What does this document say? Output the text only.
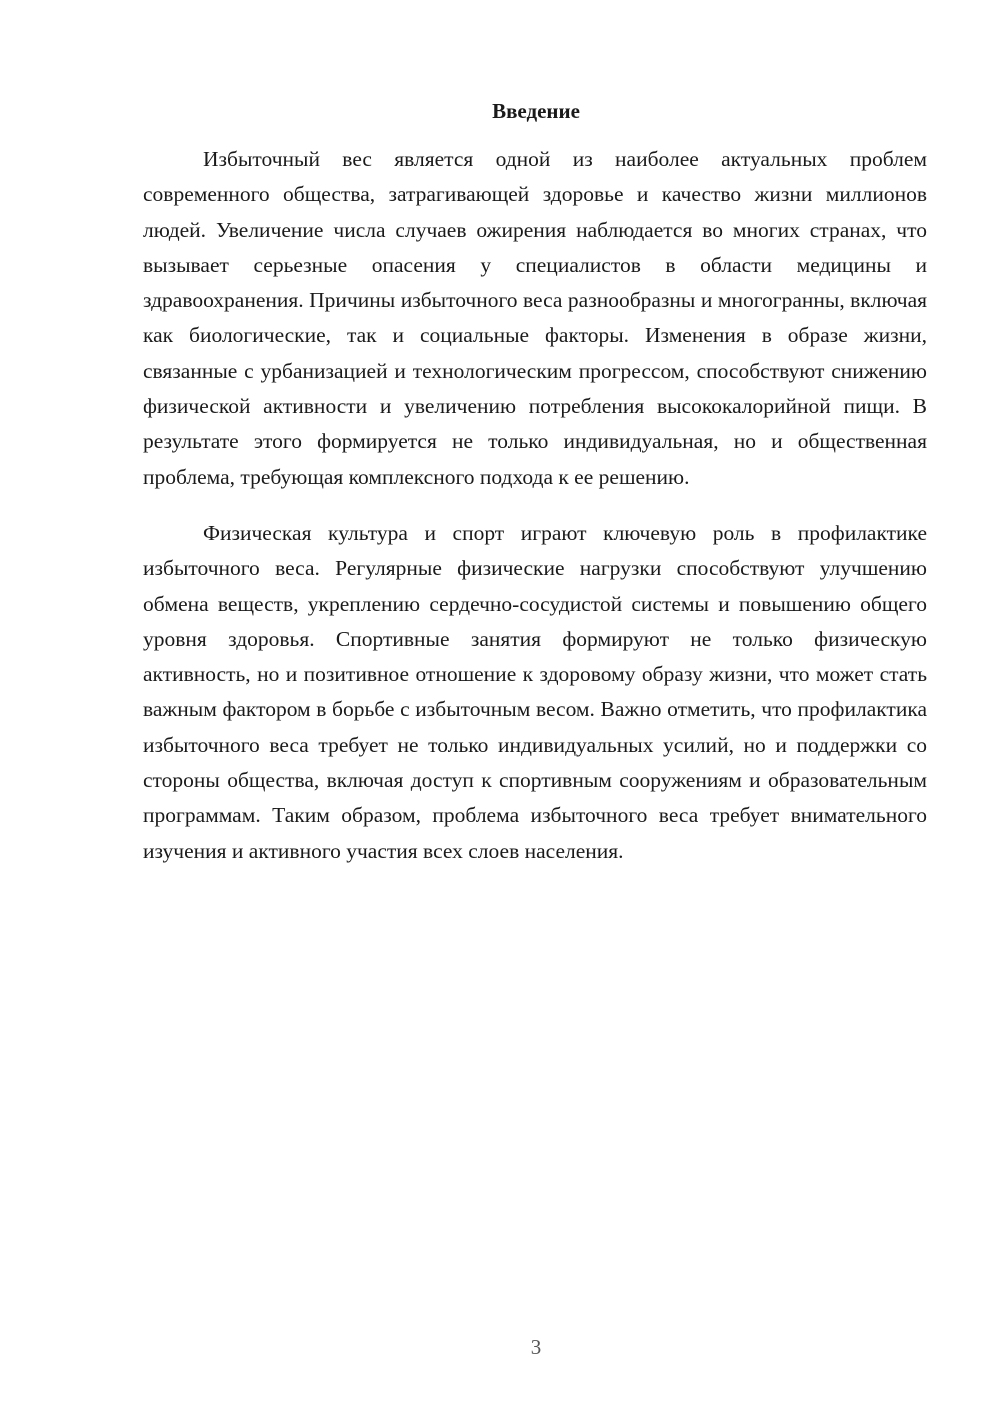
Введение

Избыточный вес является одной из наиболее актуальных проблем современного общества, затрагивающей здоровье и качество жизни миллионов людей. Увеличение числа случаев ожирения наблюдается во многих странах, что вызывает серьезные опасения у специалистов в области медицины и здравоохранения. Причины избыточного веса разнообразны и многогранны, включая как биологические, так и социальные факторы. Изменения в образе жизни, связанные с урбанизацией и технологическим прогрессом, способствуют снижению физической активности и увеличению потребления высококалорийной пищи. В результате этого формируется не только индивидуальная, но и общественная проблема, требующая комплексного подхода к ее решению.

Физическая культура и спорт играют ключевую роль в профилактике избыточного веса. Регулярные физические нагрузки способствуют улучшению обмена веществ, укреплению сердечно-сосудистой системы и повышению общего уровня здоровья. Спортивные занятия формируют не только физическую активность, но и позитивное отношение к здоровому образу жизни, что может стать важным фактором в борьбе с избыточным весом. Важно отметить, что профилактика избыточного веса требует не только индивидуальных усилий, но и поддержки со стороны общества, включая доступ к спортивным сооружениям и образовательным программам. Таким образом, проблема избыточного веса требует внимательного изучения и активного участия всех слоев населения.

3
